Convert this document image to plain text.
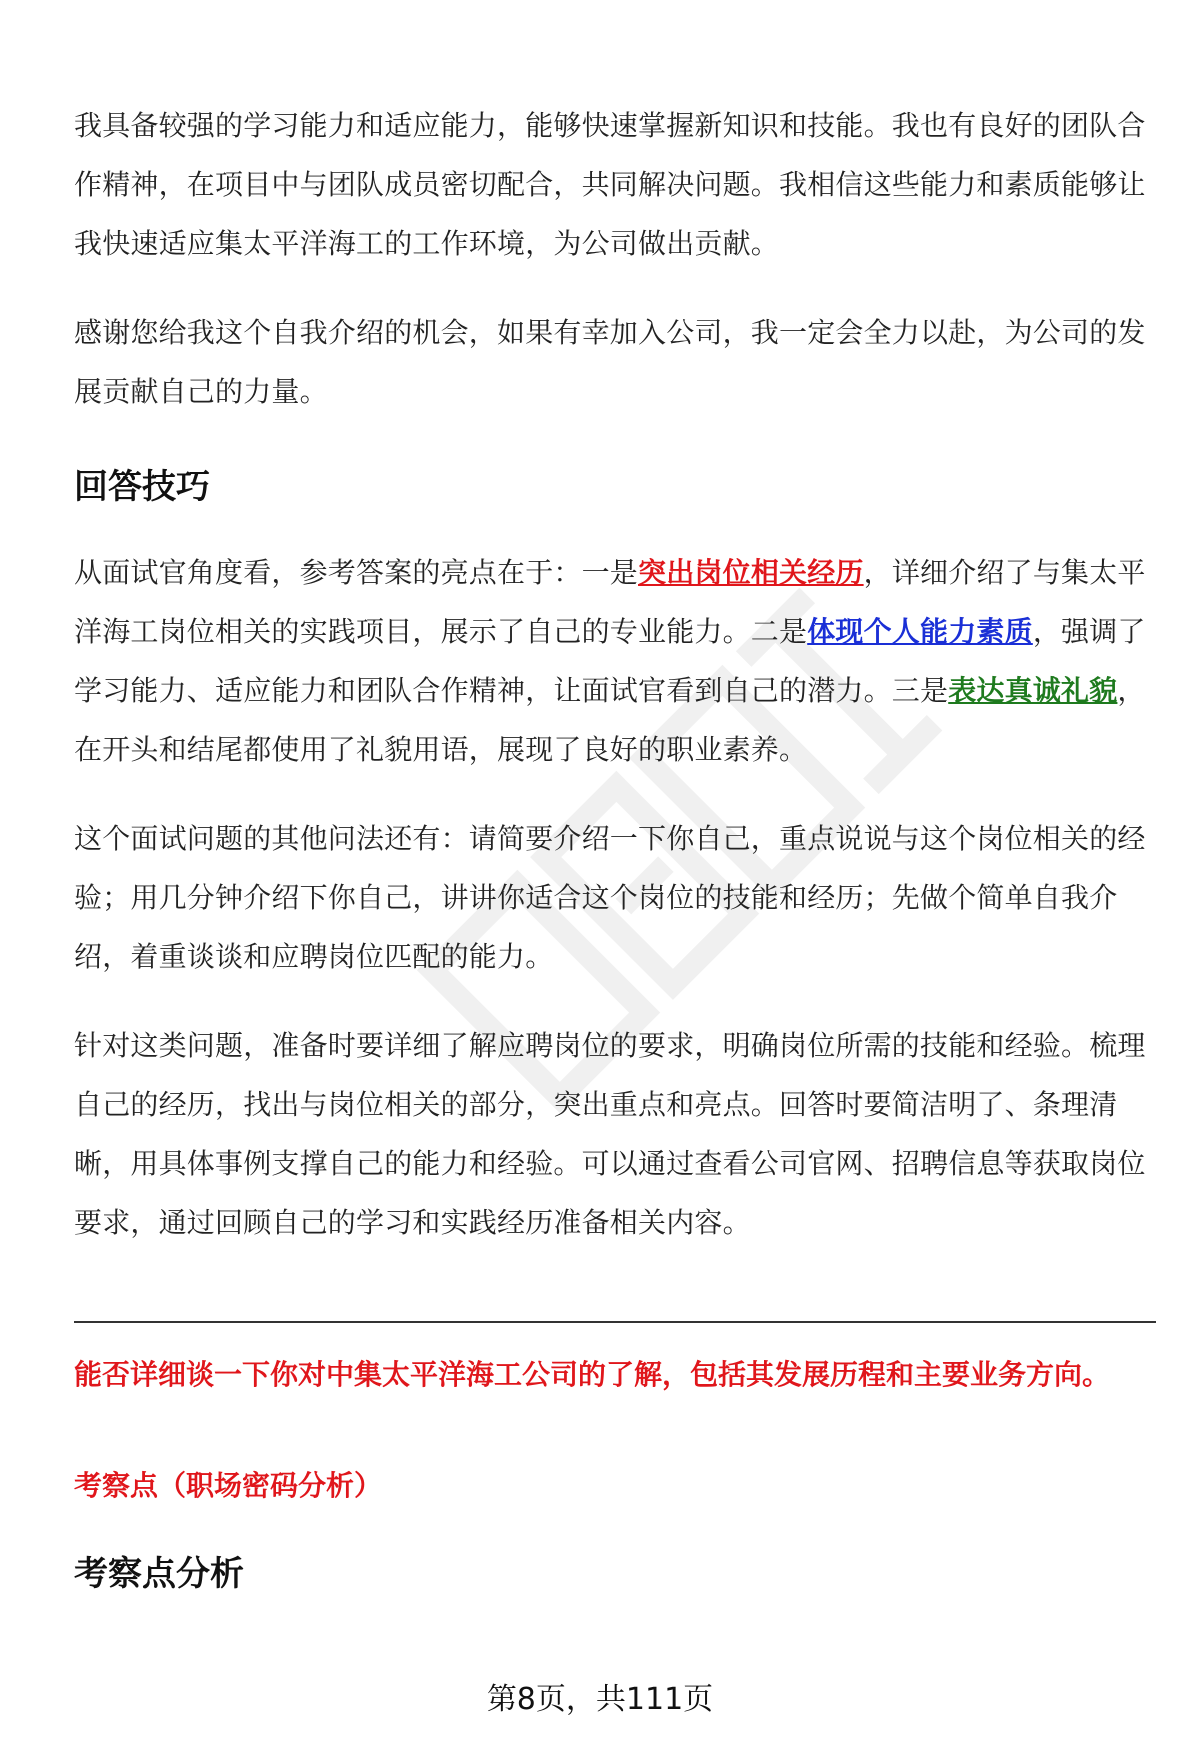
我具备较强的学习能力和适应能力，能够快速掌握新知识和技能。我也有良好的团队合作精神，在项目中与团队成员密切配合，共同解决问题。我相信这些能力和素质能够让我快速适应集太平洋海工的工作环境，为公司做出贡献。

感谢您给我这个自我介绍的机会，如果有幸加入公司，我一定会全力以赴，为公司的发展贡献自己的力量。

回答技巧

从面试官角度看，参考答案的亮点在于：一是突出岗位相关经历，详细介绍了与集太平洋海工岗位相关的实践项目，展示了自己的专业能力。二是体现个人能力素质，强调了学习能力、适应能力和团队合作精神，让面试官看到自己的潜力。三是表达真诚礼貌，在开头和结尾都使用了礼貌用语，展现了良好的职业素养。

这个面试问题的其他问法还有：请简要介绍一下你自己，重点说说与这个岗位相关的经验；用几分钟介绍下你自己，讲讲你适合这个岗位的技能和经历；先做个简单自我介绍，着重谈谈和应聘岗位匹配的能力。

针对这类问题，准备时要详细了解应聘岗位的要求，明确岗位所需的技能和经验。梳理自己的经历，找出与岗位相关的部分，突出重点和亮点。回答时要简洁明了、条理清晰，用具体事例支撑自己的能力和经验。可以通过查看公司官网、招聘信息等获取岗位要求，通过回顾自己的学习和实践经历准备相关内容。

能否详细谈一下你对中集太平洋海工公司的了解，包括其发展历程和主要业务方向。
考察点（职场密码分析）
考察点分析
第8页，共111页
